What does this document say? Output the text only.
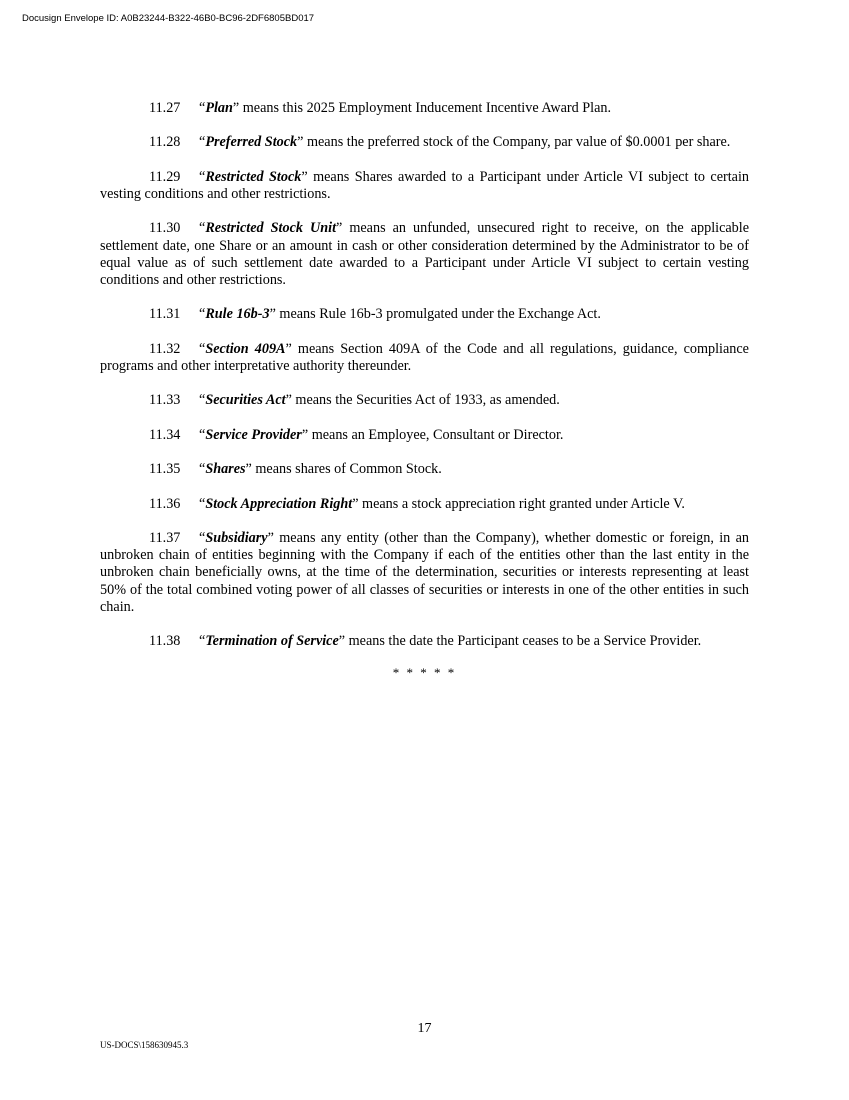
Docusign Envelope ID: A0B23244-B322-46B0-BC96-2DF6805BD017

11.27 “Plan” means this 2025 Employment Inducement Incentive Award Plan.

11.28 “Preferred Stock” means the preferred stock of the Company, par value of $0.0001 per share.

11.29 “Restricted Stock” means Shares awarded to a Participant under Article VI subject to certain vesting conditions and other restrictions.

11.30 “Restricted Stock Unit” means an unfunded, unsecured right to receive, on the applicable settlement date, one Share or an amount in cash or other consideration determined by the Administrator to be of equal value as of such settlement date awarded to a Participant under Article VI subject to certain vesting conditions and other restrictions.

11.31 “Rule 16b-3” means Rule 16b-3 promulgated under the Exchange Act.

11.32 “Section 409A” means Section 409A of the Code and all regulations, guidance, compliance programs and other interpretative authority thereunder.

11.33 “Securities Act” means the Securities Act of 1933, as amended.

11.34 “Service Provider” means an Employee, Consultant or Director.

11.35 “Shares” means shares of Common Stock.

11.36 “Stock Appreciation Right” means a stock appreciation right granted under Article V.

11.37 “Subsidiary” means any entity (other than the Company), whether domestic or foreign, in an unbroken chain of entities beginning with the Company if each of the entities other than the last entity in the unbroken chain beneficially owns, at the time of the determination, securities or interests representing at least 50% of the total combined voting power of all classes of securities or interests in one of the other entities in such chain.

11.38 “Termination of Service” means the date the Participant ceases to be a Service Provider.

* * * * *
17
US-DOCS\158630945.3
